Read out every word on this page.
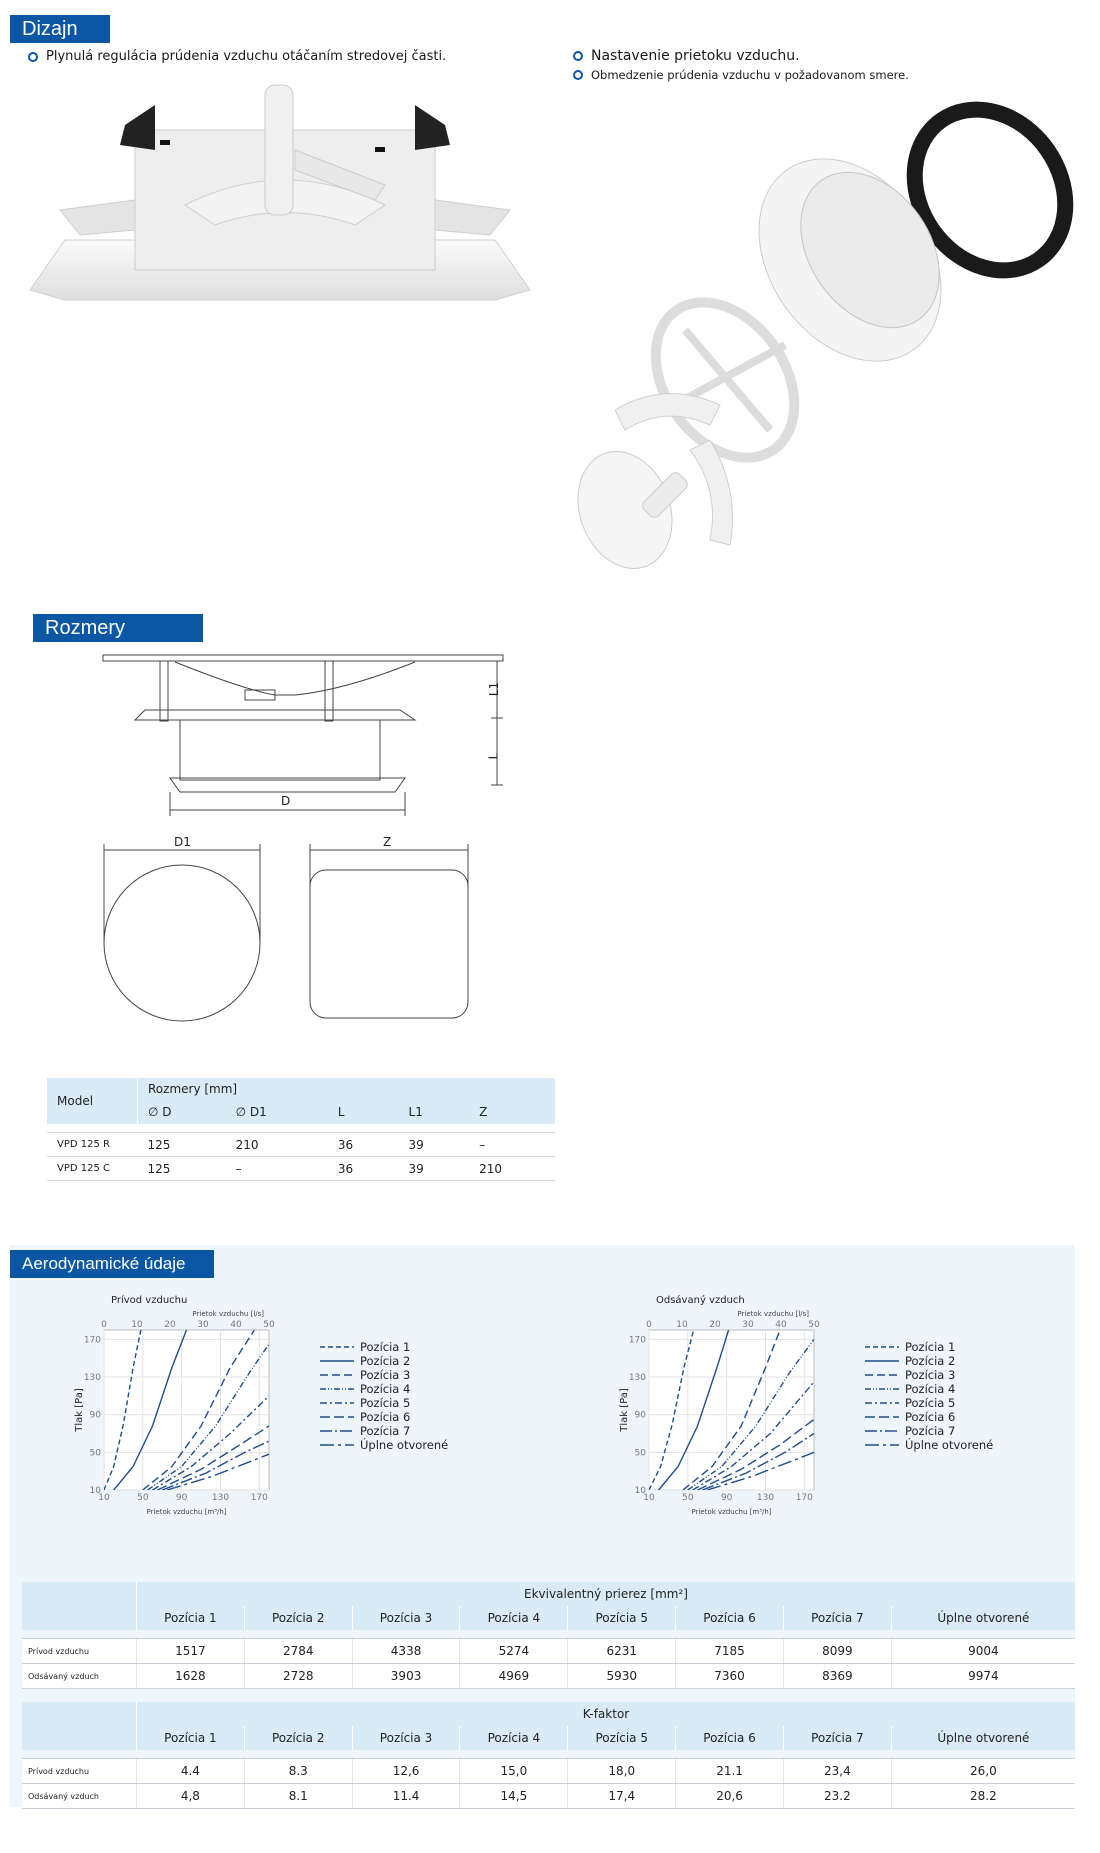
Dizajn
Plynulá regulácia prúdenia vzduchu otáčaním stredovej časti.	Nastavenie prietoku vzduchu.
Obmedzenie prúdenia vzduchu v požadovanom smere.
Rozmery
L1
L
D
D1	Z
Model	Rozmery [mm]				
	∅ D	∅ D1	L	L1	Z

VPD 125 R	125	210	36	39	–
VPD 125 C	125	–	36	39	210
Aerodynamické údaje
Prívod vzduchu
10	50	90	130 170
10
50
90
130
170
0	10 20 30 40 50
Prietok vzduchu [l/s]
Prietok vzduchu [m³/h]
Tlak [Pa]
Pozícia 1
Pozícia 2
Pozícia 3
Pozícia 4
Pozícia 5
Pozícia 6
Pozícia 7
Úplne otvorené
Odsávaný vzduch
10	50	90	130 170
10
50
90
130
170
0	10 20 30 40 50
Prietok vzduchu [l/s]
Prietok vzduchu [m³/h]
Tlak [Pa]
Pozícia 1
Pozícia 2
Pozícia 3
Pozícia 4
Pozícia 5
Pozícia 6
Pozícia 7
Úplne otvorené
	Ekvivalentný prierez [mm²]							
	Pozícia 1	Pozícia 2	Pozícia 3	Pozícia 4	Pozícia 5	Pozícia 6	Pozícia 7	Úplne otvorené

Prívod vzduchu	1517	2784	4338	5274	6231	7185	8099	9004
Odsávaný vzduch	1628	2728	3903	4969	5930	7360	8369	9974
	K-faktor							
	Pozícia 1	Pozícia 2	Pozícia 3	Pozícia 4	Pozícia 5	Pozícia 6	Pozícia 7	Úplne otvorené

Prívod vzduchu	4.4	8.3	12,6	15,0	18,0	21.1	23,4	26,0
Odsávaný vzduch	4,8	8.1	11.4	14,5	17,4	20,6	23.2	28.2
